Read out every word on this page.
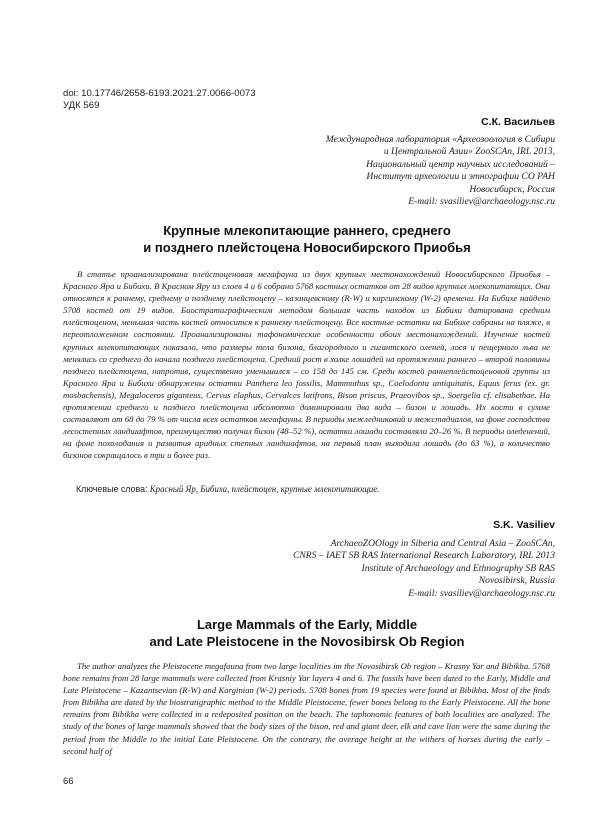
doi: 10.17746/2658-6193.2021.27.0066-0073
УДК 569
С.К. Васильев
Международная лаборатория «Археозоология в Сибири
и Центральной Азии» ZooSCAn, IRL 2013,
Национальный центр научных исследований –
Институт археологии и этнографии СО РАН
Новосибирск, Россия
E-mail: svasiliev@archaeology.nsc.ru
Крупные млекопитающие раннего, среднего
и позднего плейстоцена Новосибирского Приобья

В статье проанализирована плейстоценовая мегафауна из двух крупных местонахождений Новосибирского Приобья – Красного Яра и Бибихи. В Красном Яру из слоев 4 и 6 собрано 5768 костных остатков от 28 видов крупных млекопитающих. Они относятся к раннему, среднему и позднему плейстоцену – казанцевскому (R-W) и каргинскому (W-2) времени. На Бибихе найдено 5708 костей от 19 видов. Биостратиграфическим методом большая часть находок из Бибихи датирована средним плейстоценом, меньшая часть костей относится к раннему плейстоцену. Все костные остатки на Бибихе собраны на пляже, в переотложенном состоянии. Проанализированы тафономические особенности обоих местонахождений. Изучение костей крупных млекопитающих показало, что размеры тела бизона, благородного и гигантского оленей, лося и пещерного льва не менялись со среднего до начала позднего плейстоцена. Средний рост в холке лошадей на протяжении раннего – второй половины позднего плейстоцена, напротив, существенно уменьшился – со 158 до 145 см. Среди костей раннеплейстоценовой группы из Красного Яра и Бибихи обнаружены остатки Panthera leo fossilis, Mammuthus sp., Coelodonta antiquitatis, Equus ferus (ex. gr. mosbachensis), Megaloceros giganteus, Cervus elaphus, Cervalces latifrons, Bison priscus, Praeovibos sp., Soergelia cf. elisabethae. На протяжении среднего и позднего плейстоцена абсолютно доминировали два вида – бизон и лошадь. Их кости в сумме составляют от 68 до 79 % от числа всех остатков мегафауны. В периоды межледниковий и межстадиалов, на фоне господства лесостепных ландшафтов, преимущество получал бизон (48–52 %), остатки лошади составляли 20–26 %. В периоды оледенений, на фоне похолодания и развития аридных степных ландшафтов, на первый план выходила лошадь (до 63 %), а количество бизонов сокращалось в три и более раз.

Ключевые слова: Красный Яр, Бибиха, плейстоцен, крупные млекопитающие.
S.K. Vasiliev
ArchaeoZOOlogy in Siberia and Central Asia – ZooSCAn,
CNRS – IAET SB RAS International Research Laboratory, IRL 2013
Institute of Archaeology and Ethnography SB RAS
Novosibirsk, Russia
E-mail: svasiliev@archaeology.nsc.ru
Large Mammals of the Early, Middle
and Late Pleistocene in the Novosibirsk Ob Region

The author analyzes the Pleistocene megafauna from two large localities im the Novosibirsk Ob region – Krasny Yar and Bibikha. 5768 bone remains from 28 large mammals were collected from Krasniy Yar layers 4 and 6. The fossils have been dated to the Early, Middle and Late Pleistocene – Kazantsevian (R-W) and Karginian (W-2) periods. 5708 bones from 19 species were found at Bibikha. Most of the finds from Bibikha are dated by the biostratigraphic method to the Middle Pleistocene, fewer bones belong to the Early Pleistocene. All the bone remains from Bibikha were collected in a redeposited position on the beach. The taphonomic features of both localities are analyzed. The study of the bones of large mammals showed that the body sizes of the bison, red and giant deer, elk and cave lion were the same during the period from the Middle to the initial Late Pleistocene. On the contrary, the average height at the withers of horses during the early – second half of

66
